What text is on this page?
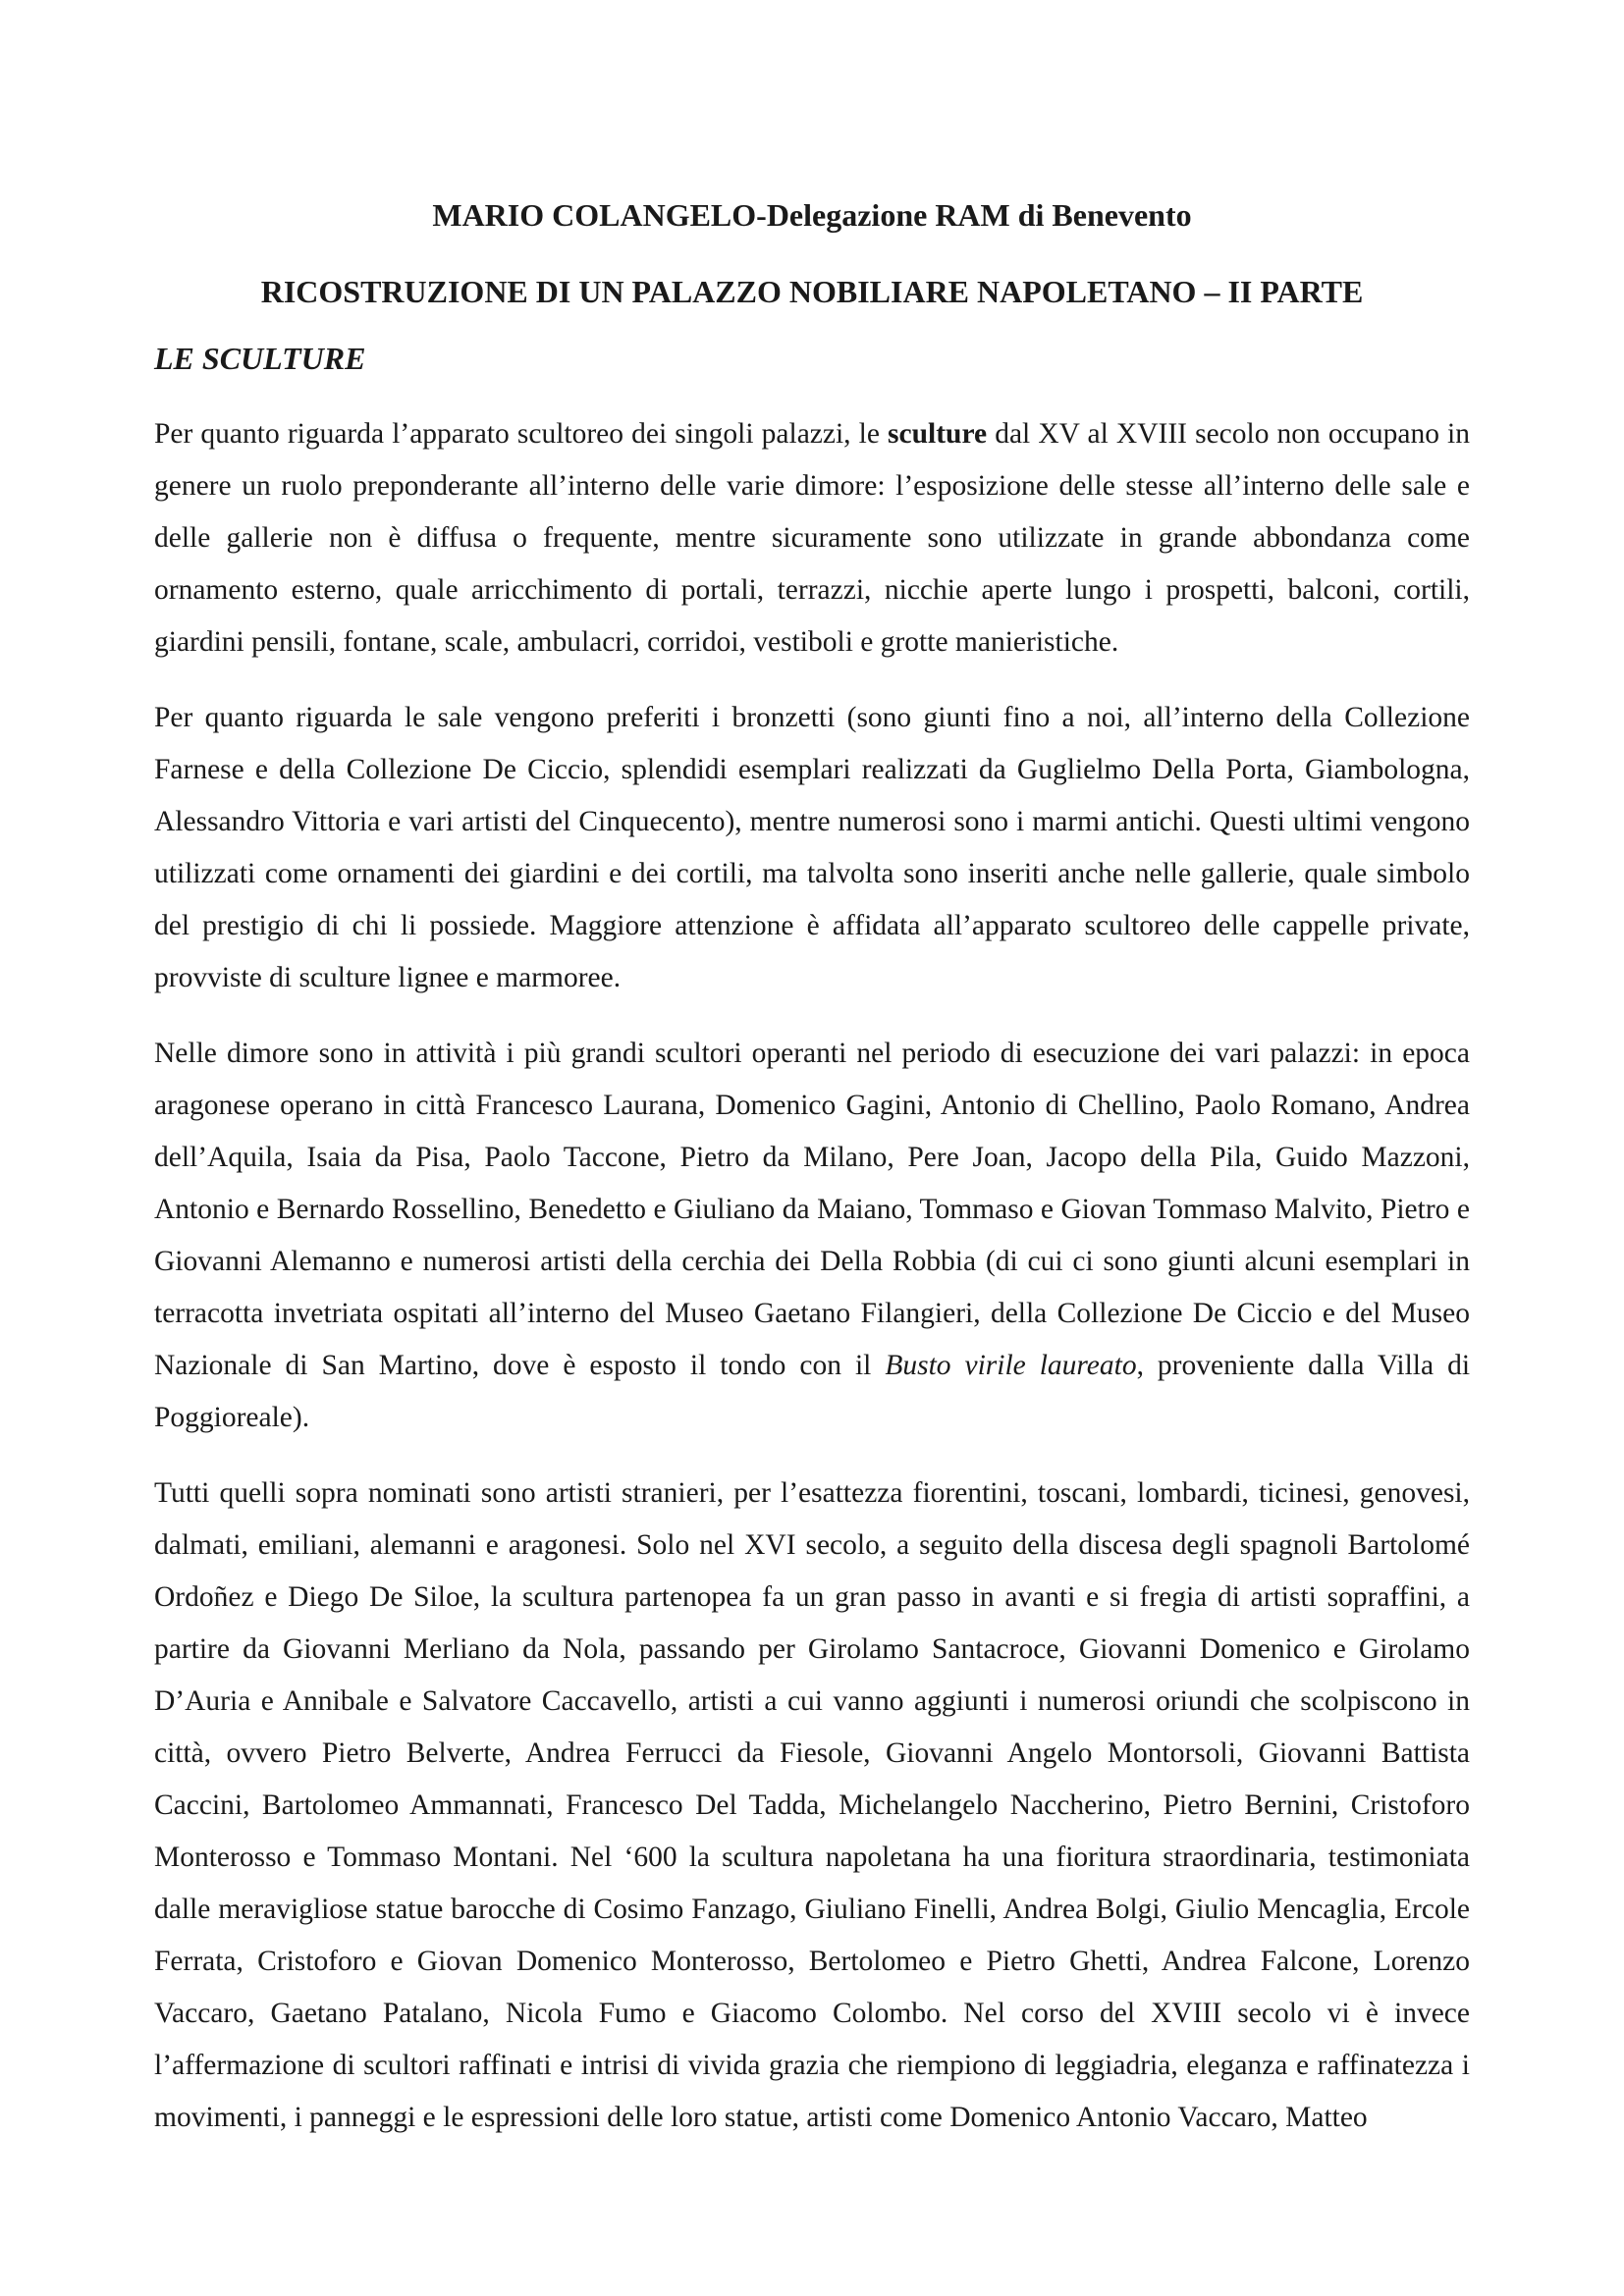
MARIO COLANGELO-Delegazione RAM di Benevento
RICOSTRUZIONE DI UN PALAZZO NOBILIARE NAPOLETANO – II PARTE
LE SCULTURE

Per quanto riguarda l’apparato scultoreo dei singoli palazzi, le sculture dal XV al XVIII secolo non occupano in genere un ruolo preponderante all’interno delle varie dimore: l’esposizione delle stesse all’interno delle sale e delle gallerie non è diffusa o frequente, mentre sicuramente sono utilizzate in grande abbondanza come ornamento esterno, quale arricchimento di portali, terrazzi, nicchie aperte lungo i prospetti, balconi, cortili, giardini pensili, fontane, scale, ambulacri, corridoi, vestiboli e grotte manieristiche.

Per quanto riguarda le sale vengono preferiti i bronzetti (sono giunti fino a noi, all’interno della Collezione Farnese e della Collezione De Ciccio, splendidi esemplari realizzati da Guglielmo Della Porta, Giambologna, Alessandro Vittoria e vari artisti del Cinquecento), mentre numerosi sono i marmi antichi. Questi ultimi vengono utilizzati come ornamenti dei giardini e dei cortili, ma talvolta sono inseriti anche nelle gallerie, quale simbolo del prestigio di chi li possiede. Maggiore attenzione è affidata all’apparato scultoreo delle cappelle private, provviste di sculture lignee e marmoree.

Nelle dimore sono in attività i più grandi scultori operanti nel periodo di esecuzione dei vari palazzi: in epoca aragonese operano in città Francesco Laurana, Domenico Gagini, Antonio di Chellino, Paolo Romano, Andrea dell’Aquila, Isaia da Pisa, Paolo Taccone, Pietro da Milano, Pere Joan, Jacopo della Pila, Guido Mazzoni, Antonio e Bernardo Rossellino, Benedetto e Giuliano da Maiano, Tommaso e Giovan Tommaso Malvito, Pietro e Giovanni Alemanno e numerosi artisti della cerchia dei Della Robbia (di cui ci sono giunti alcuni esemplari in terracotta invetriata ospitati all’interno del Museo Gaetano Filangieri, della Collezione De Ciccio e del Museo Nazionale di San Martino, dove è esposto il tondo con il Busto virile laureato, proveniente dalla Villa di Poggioreale).

Tutti quelli sopra nominati sono artisti stranieri, per l’esattezza fiorentini, toscani, lombardi, ticinesi, genovesi, dalmati, emiliani, alemanni e aragonesi. Solo nel XVI secolo, a seguito della discesa degli spagnoli Bartolomé Ordoñez e Diego De Siloe, la scultura partenopea fa un gran passo in avanti e si fregia di artisti sopraffini, a partire da Giovanni Merliano da Nola, passando per Girolamo Santacroce, Giovanni Domenico e Girolamo D’Auria e Annibale e Salvatore Caccavello, artisti a cui vanno aggiunti i numerosi oriundi che scolpiscono in città, ovvero Pietro Belverte, Andrea Ferrucci da Fiesole, Giovanni Angelo Montorsoli, Giovanni Battista Caccini, Bartolomeo Ammannati, Francesco Del Tadda, Michelangelo Naccherino, Pietro Bernini, Cristoforo Monterosso e Tommaso Montani. Nel ‘600 la scultura napoletana ha una fioritura straordinaria, testimoniata dalle meravigliose statue barocche di Cosimo Fanzago, Giuliano Finelli, Andrea Bolgi, Giulio Mencaglia, Ercole Ferrata, Cristoforo e Giovan Domenico Monterosso, Bertolomeo e Pietro Ghetti, Andrea Falcone, Lorenzo Vaccaro, Gaetano Patalano, Nicola Fumo e Giacomo Colombo. Nel corso del XVIII secolo vi è invece l’affermazione di scultori raffinati e intrisi di vivida grazia che riempiono di leggiadria, eleganza e raffinatezza i movimenti, i panneggi e le espressioni delle loro statue, artisti come Domenico Antonio Vaccaro, Matteo
